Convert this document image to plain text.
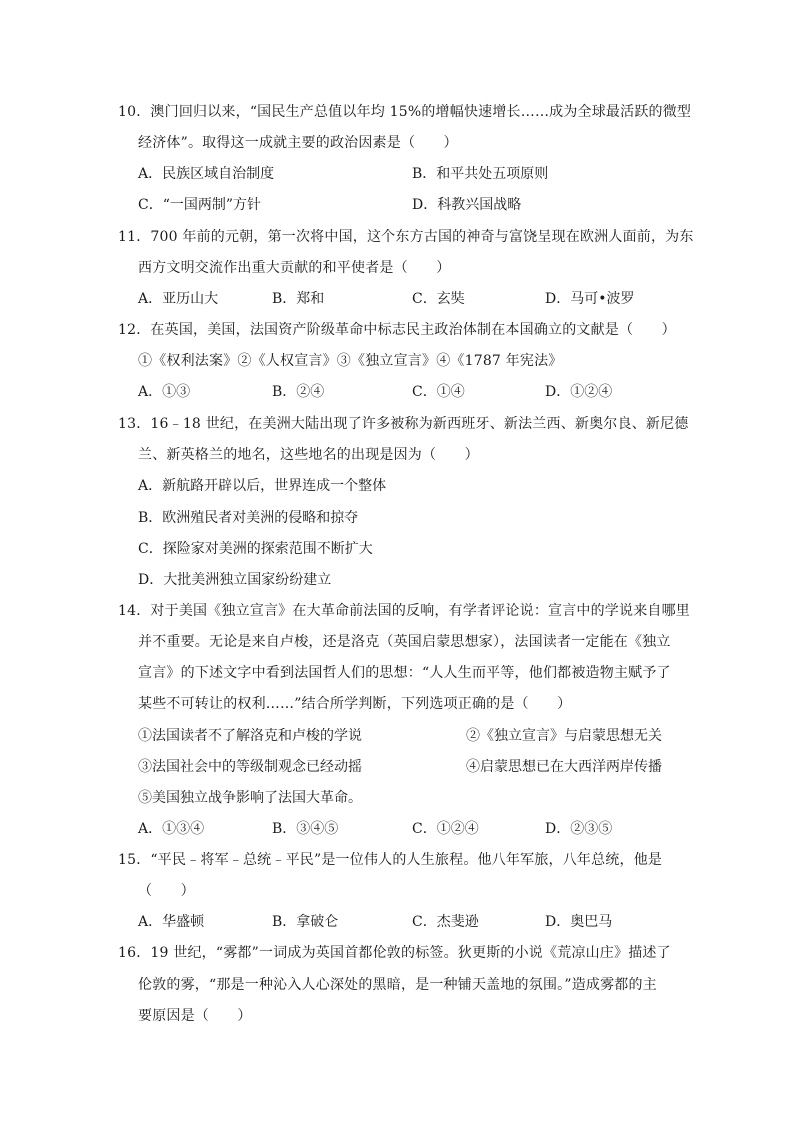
10．澳门回归以来，“国民生产总值以年均 15%的增幅快速增长……成为全球最活跃的微型
经济体”。取得这一成就主要的政治因素是（　　）
A．民族区域自治制度	B．和平共处五项原则
C．“一国两制”方针	D．科教兴国战略
11．700 年前的元朝，第一次将中国，这个东方古国的神奇与富饶呈现在欧洲人面前，为东
西方文明交流作出重大贡献的和平使者是（　　）
A．亚历山大	B．郑和	C．玄奘	D．马可•波罗
12．在英国，美国，法国资产阶级革命中标志民主政治体制在本国确立的文献是（　　）
①《权利法案》②《人权宣言》③《独立宣言》④《1787 年宪法》
A．①③	B．②④	C．①④	D．①②④
13．16﹣18 世纪，在美洲大陆出现了许多被称为新西班牙、新法兰西、新奥尔良、新尼德
兰、新英格兰的地名，这些地名的出现是因为（　　）
A．新航路开辟以后，世界连成一个整体
B．欧洲殖民者对美洲的侵略和掠夺
C．探险家对美洲的探索范围不断扩大
D．大批美洲独立国家纷纷建立
14．对于美国《独立宣言》在大革命前法国的反响，有学者评论说：宣言中的学说来自哪里
并不重要。无论是来自卢梭，还是洛克（英国启蒙思想家），法国读者一定能在《独立
宣言》的下述文字中看到法国哲人们的思想：“人人生而平等，他们都被造物主赋予了
某些不可转让的权利……”结合所学判断，下列选项正确的是（　　）
①法国读者不了解洛克和卢梭的学说	②《独立宣言》与启蒙思想无关
③法国社会中的等级制观念已经动摇	④启蒙思想已在大西洋两岸传播
⑤美国独立战争影响了法国大革命。
A．①③④	B．③④⑤	C．①②④	D．②③⑤
15．“平民﹣将军﹣总统﹣平民”是一位伟人的人生旅程。他八年军旅，八年总统，他是
（　　）
A．华盛顿	B．拿破仑	C．杰斐逊	D．奥巴马
16．19 世纪，“雾都”一词成为英国首都伦敦的标签。狄更斯的小说《荒凉山庄》描述了
伦敦的雾，“那是一种沁入人心深处的黑暗，是一种铺天盖地的氛围。”造成雾都的主
要原因是（　　）
